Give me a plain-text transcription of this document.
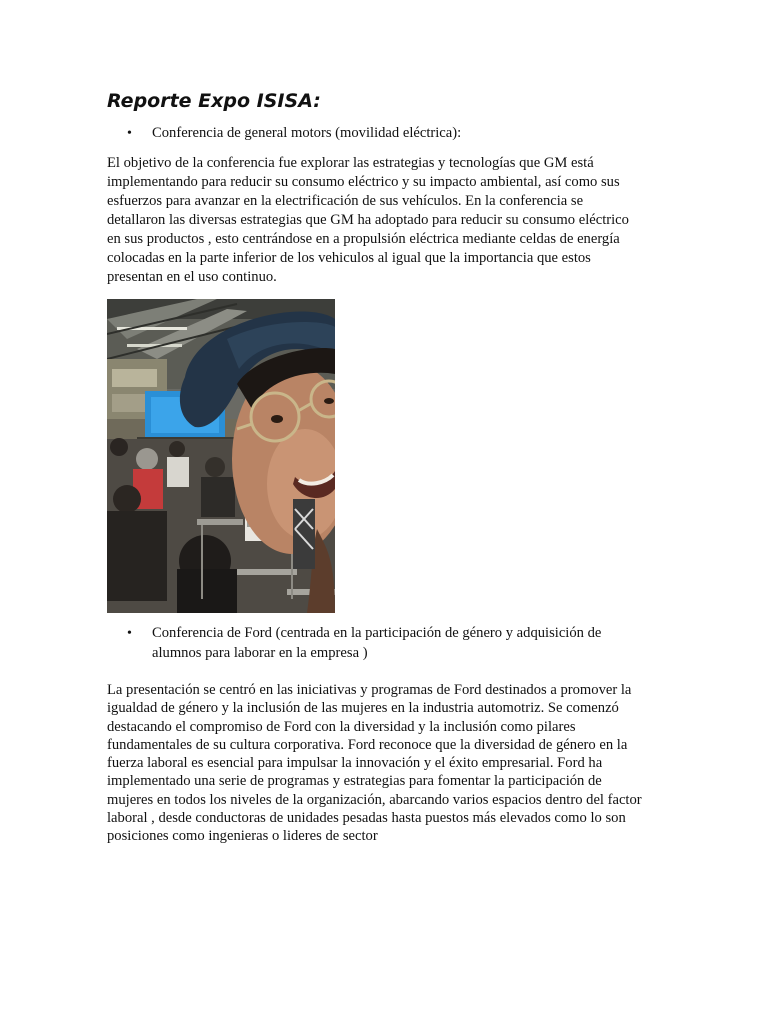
Reporte Expo ISISA:
• Conferencia de general motors (movilidad eléctrica):
El objetivo de la conferencia fue explorar las estrategias y tecnologías que GM está
implementando para reducir su consumo eléctrico y su impacto ambiental, así como sus
esfuerzos para avanzar en la electrificación de sus vehículos. En la conferencia se
detallaron las diversas estrategias que GM ha adoptado para reducir su consumo eléctrico
en sus productos , esto centrándose en a propulsión eléctrica mediante celdas de energía
colocadas en la parte inferior de los vehiculos al igual que la importancia que estos
presentan en el uso continuo.
• Conferencia de Ford (centrada en la participación de género y adquisición de
alumnos para laborar en la empresa )
La presentación se centró en las iniciativas y programas de Ford destinados a promover la
igualdad de género y la inclusión de las mujeres en la industria automotriz. Se comenzó
destacando el compromiso de Ford con la diversidad y la inclusión como pilares
fundamentales de su cultura corporativa. Ford reconoce que la diversidad de género en la
fuerza laboral es esencial para impulsar la innovación y el éxito empresarial. Ford ha
implementado una serie de programas y estrategias para fomentar la participación de
mujeres en todos los niveles de la organización, abarcando varios espacios dentro del factor
laboral , desde conductoras de unidades pesadas hasta puestos más elevados como lo son
posiciones como ingenieras o lideres de sector
